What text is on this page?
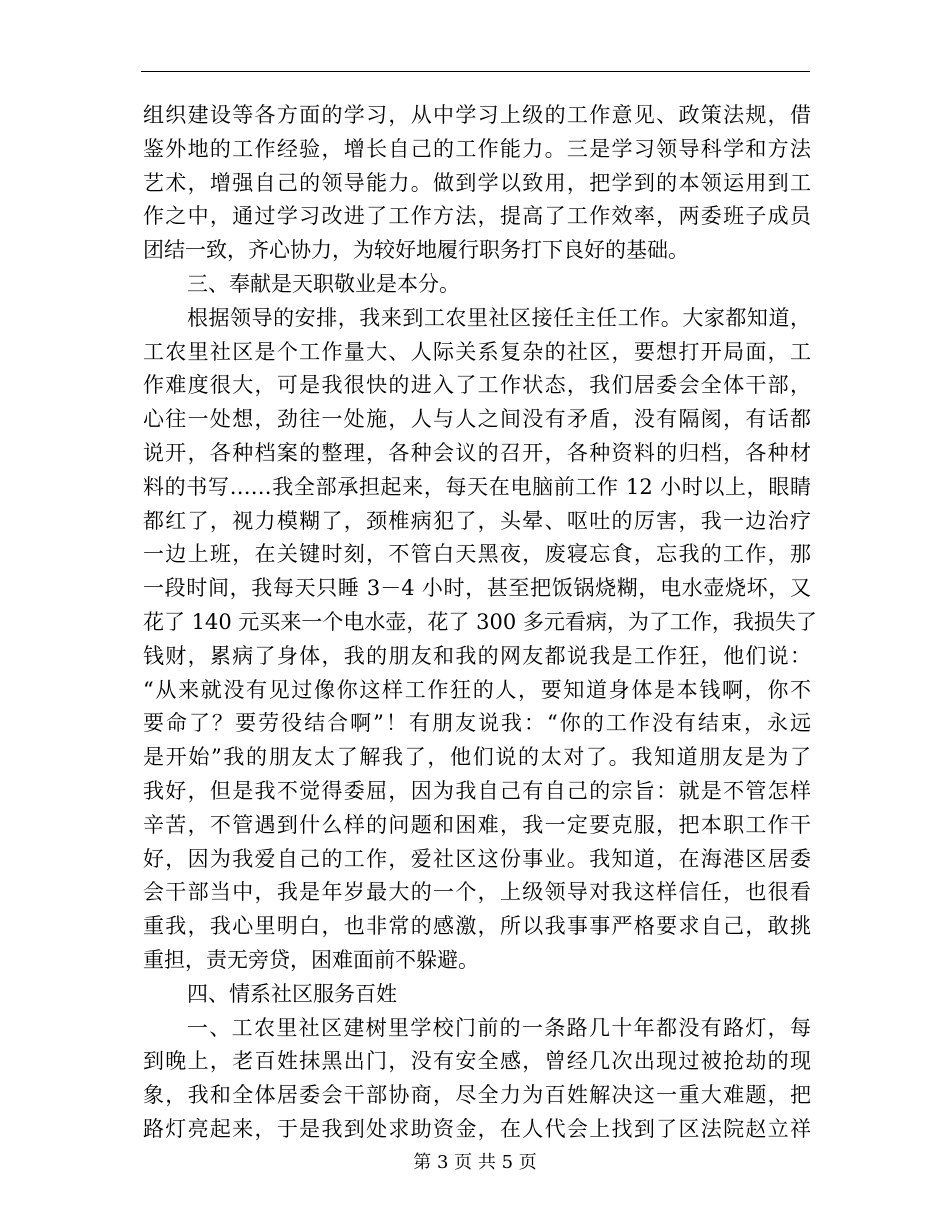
组织建设等各方面的学习，从中学习上级的工作意见、政策法规，借
鉴外地的工作经验，增长自己的工作能力。三是学习领导科学和方法
艺术，增强自己的领导能力。做到学以致用，把学到的本领运用到工
作之中，通过学习改进了工作方法，提高了工作效率，两委班子成员
团结一致，齐心协力，为较好地履行职务打下良好的基础。
三、奉献是天职敬业是本分。
根据领导的安排，我来到工农里社区接任主任工作。大家都知道，
工农里社区是个工作量大、人际关系复杂的社区，要想打开局面，工
作难度很大，可是我很快的进入了工作状态，我们居委会全体干部，
心往一处想，劲往一处施，人与人之间没有矛盾，没有隔阂，有话都
说开，各种档案的整理，各种会议的召开，各种资料的归档，各种材
料的书写……我全部承担起来，每天在电脑前工作 12 小时以上，眼睛
都红了，视力模糊了，颈椎病犯了，头晕、呕吐的厉害，我一边治疗
一边上班，在关键时刻，不管白天黑夜，废寝忘食，忘我的工作，那
一段时间，我每天只睡 3－4 小时，甚至把饭锅烧糊，电水壶烧坏，又
花了 140 元买来一个电水壶，花了 300 多元看病，为了工作，我损失了
钱财，累病了身体，我的朋友和我的网友都说我是工作狂，他们说：
“从来就没有见过像你这样工作狂的人，要知道身体是本钱啊，你不
要命了？要劳役结合啊”！有朋友说我：“你的工作没有结束，永远
是开始”我的朋友太了解我了，他们说的太对了。我知道朋友是为了
我好，但是我不觉得委屈，因为我自己有自己的宗旨：就是不管怎样
辛苦，不管遇到什么样的问题和困难，我一定要克服，把本职工作干
好，因为我爱自己的工作，爱社区这份事业。我知道，在海港区居委
会干部当中，我是年岁最大的一个，上级领导对我这样信任，也很看
重我，我心里明白，也非常的感激，所以我事事严格要求自己，敢挑
重担，责无旁贷，困难面前不躲避。
四、情系社区服务百姓
一、工农里社区建树里学校门前的一条路几十年都没有路灯，每
到晚上，老百姓抹黑出门，没有安全感，曾经几次出现过被抢劫的现
象，我和全体居委会干部协商，尽全力为百姓解决这一重大难题，把
路灯亮起来，于是我到处求助资金，在人代会上找到了区法院赵立祥
第 3 页 共 5 页
